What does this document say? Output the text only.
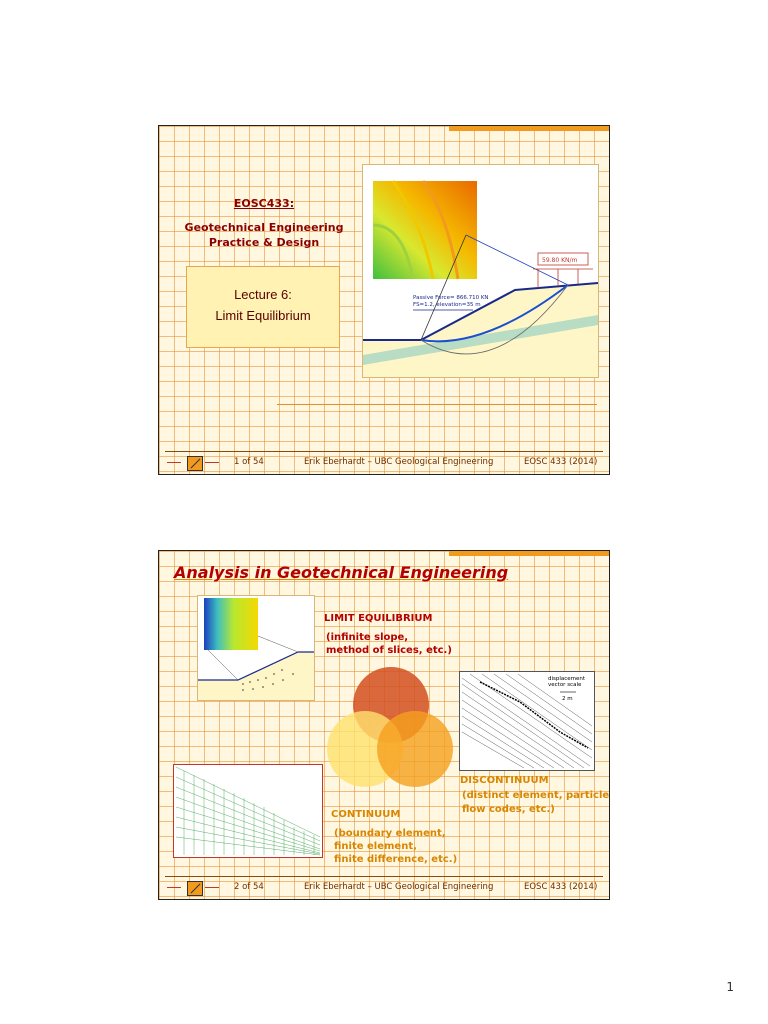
EOSC433:
Geotechnical Engineering
Practice & Design
Lecture 6:
Limit Equilibrium
59.80 KN/m
Passive Force= 866.710 KN
FS=1.2, elevation=35 m
1 of 54	Erik Eberhardt – UBC Geological Engineering	EOSC 433 (2014)
Analysis in Geotechnical Engineering
LIMIT EQUILIBRIUM
(infinite slope,
method of slices, etc.)
displacement
vector scale
2 m
DISCONTINUUM
(distinct element, particle
flow codes, etc.)
CONTINUUM
(boundary element,
finite element,
finite difference, etc.)
2 of 54	Erik Eberhardt – UBC Geological Engineering	EOSC 433 (2014)
1
